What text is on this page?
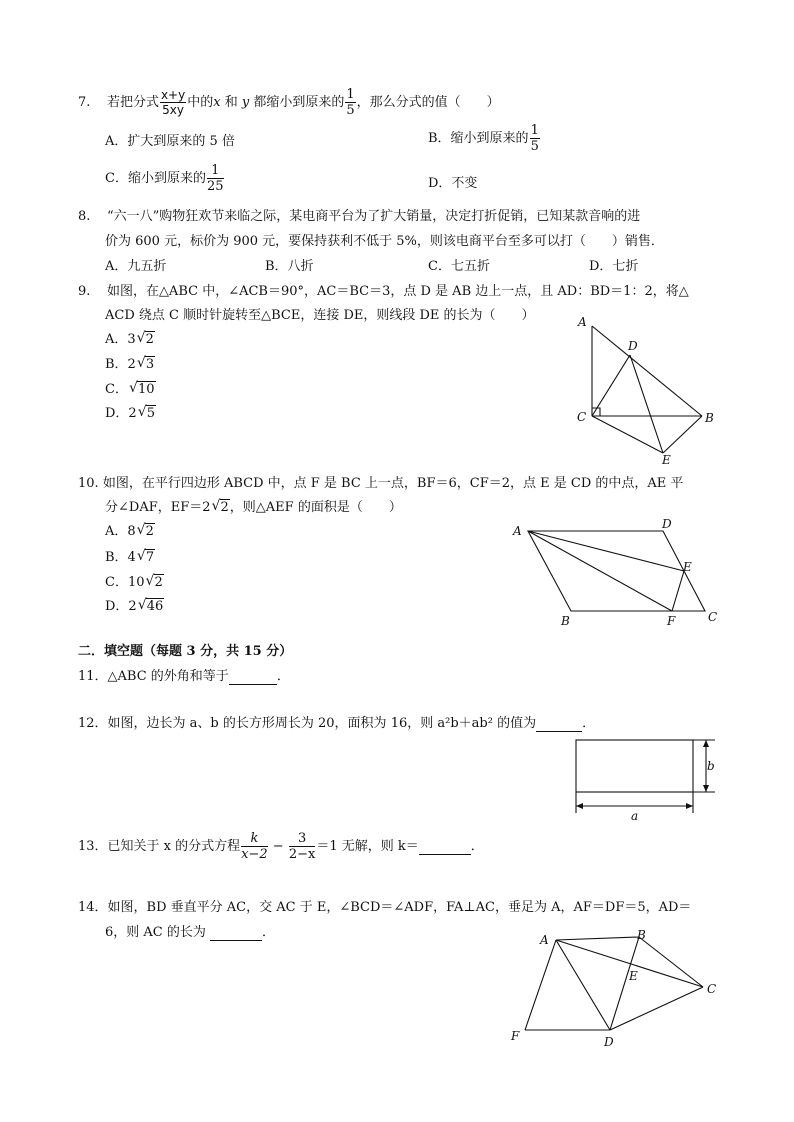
7. 若把分式 $\frac{x+y}{5xy}$ 中的x 和 y 都缩小到原来的 $\frac{1}{5}$ ，那么分式的值（　　）
A．扩大到原来的 5 倍	B．缩小到原来的 $\frac{1}{5}$
C．缩小到原来的 $\frac{1}{25}$	D．不变
8. “六一八”购物狂欢节来临之际，某电商平台为了扩大销量，决定打折促销，已知某款音响的进
价为 600 元，标价为 900 元，要保持获利不低于 5%，则该电商平台至多可以打（　　）销售．
A．九五折	B．八折	C．七五折	D．七折
9. 如图，在△ABC 中，∠ACB＝90°，AC＝BC＝3，点 D 是 AB 边上一点，且 AD：BD＝1：2，将△
ACD 绕点 C 顺时针旋转至△BCE，连接 DE，则线段 DE 的长为（　　）
A．3 √ 2
B．2 √ 3
C． √ 10
D．2 √ 5
A
D
C	B
E
10. 如图，在平行四边形 ABCD 中，点 F 是 BC 上一点，BF＝6，CF＝2，点 E 是 CD 的中点，AE 平
分∠DAF，EF＝2 √ 2，则△AEF 的面积是（　　）
A．8 √ 2
B．4 √ 7
C．10 √ 2
D．2 √ 46
A	D
E
C
F
B
二．填空题（每题 3 分，共 15 分）
11．△ABC 的外角和等于	．
12．如图，边长为 a、b 的长方形周长为 20，面积为 16，则 a²b＋ab² 的值为	．
b
a
13．已知关于 x 的分式方程 $\frac{k}{x-2} - \frac{3}{2-x} =1$ 无解，则 k＝	．
14．如图，BD 垂直平分 AC，交 AC 于 E，∠BCD＝∠ADF，FA⊥AC，垂足为 A，AF＝DF＝5，AD＝
6，则 AC 的长为	．	A	B
E
C
F	D
